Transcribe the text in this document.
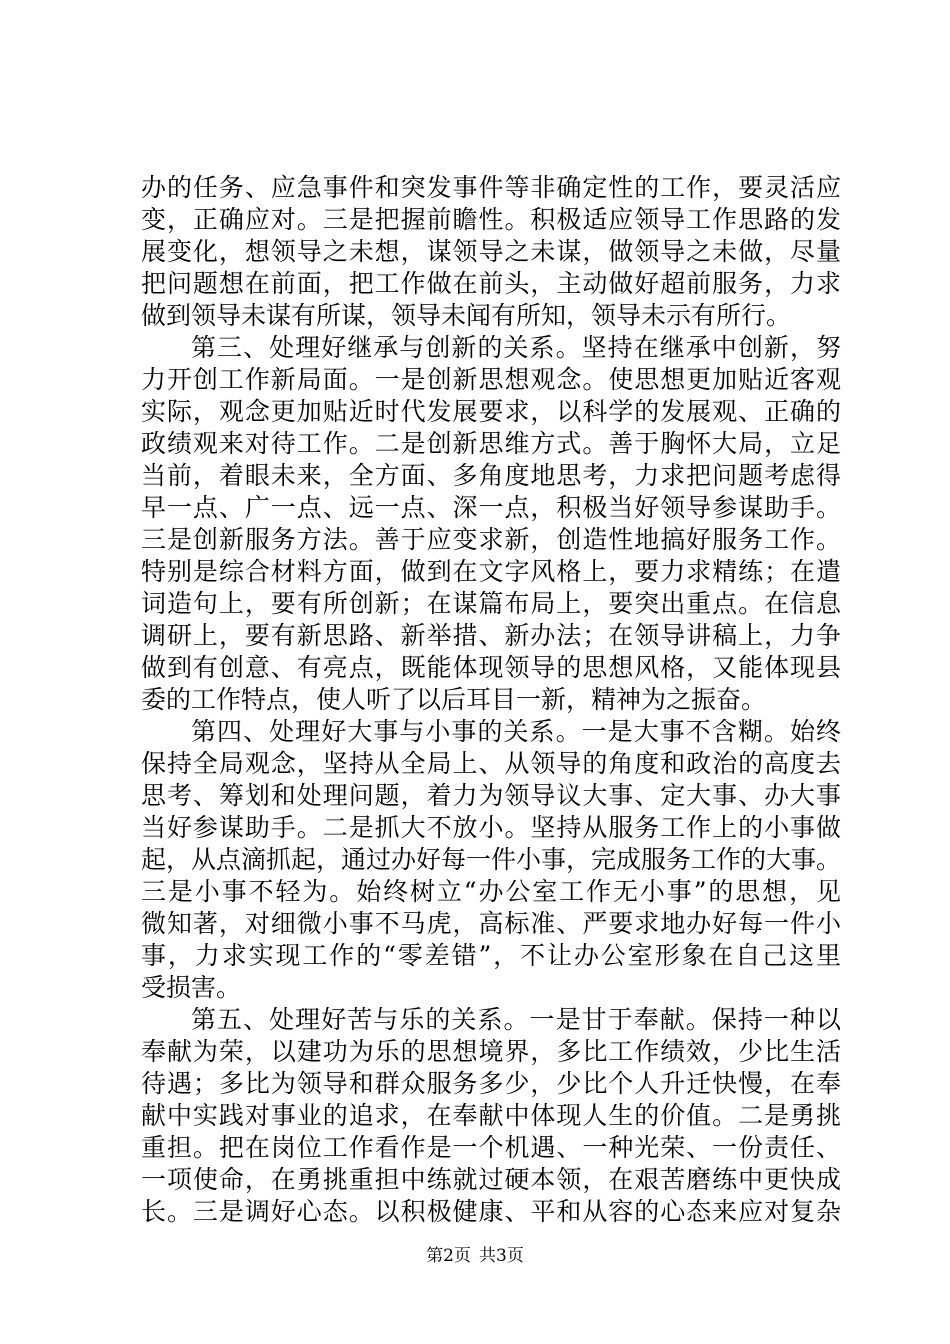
办的任务、应急事件和突发事件等非确定性的工作，要灵活应
变，正确应对。三是把握前瞻性。积极适应领导工作思路的发
展变化，想领导之未想，谋领导之未谋，做领导之未做，尽量
把问题想在前面，把工作做在前头，主动做好超前服务，力求
做到领导未谋有所谋，领导未闻有所知，领导未示有所行。
第三、处理好继承与创新的关系。坚持在继承中创新，努
力开创工作新局面。一是创新思想观念。使思想更加贴近客观
实际，观念更加贴近时代发展要求，以科学的发展观、正确的
政绩观来对待工作。二是创新思维方式。善于胸怀大局，立足
当前，着眼未来，全方面、多角度地思考，力求把问题考虑得
早一点、广一点、远一点、深一点，积极当好领导参谋助手。
三是创新服务方法。善于应变求新，创造性地搞好服务工作。
特别是综合材料方面，做到在文字风格上，要力求精练；在遣
词造句上，要有所创新；在谋篇布局上，要突出重点。在信息
调研上，要有新思路、新举措、新办法；在领导讲稿上，力争
做到有创意、有亮点，既能体现领导的思想风格，又能体现县
委的工作特点，使人听了以后耳目一新，精神为之振奋。
第四、处理好大事与小事的关系。一是大事不含糊。始终
保持全局观念，坚持从全局上、从领导的角度和政治的高度去
思考、筹划和处理问题，着力为领导议大事、定大事、办大事
当好参谋助手。二是抓大不放小。坚持从服务工作上的小事做
起，从点滴抓起，通过办好每一件小事，完成服务工作的大事。
三是小事不轻为。始终树立“办公室工作无小事”的思想，见
微知著，对细微小事不马虎，高标准、严要求地办好每一件小
事，力求实现工作的“零差错”，不让办公室形象在自己这里
受损害。
第五、处理好苦与乐的关系。一是甘于奉献。保持一种以
奉献为荣，以建功为乐的思想境界，多比工作绩效，少比生活
待遇；多比为领导和群众服务多少，少比个人升迁快慢，在奉
献中实践对事业的追求，在奉献中体现人生的价值。二是勇挑
重担。把在岗位工作看作是一个机遇、一种光荣、一份责任、
一项使命，在勇挑重担中练就过硬本领，在艰苦磨练中更快成
长。三是调好心态。以积极健康、平和从容的心态来应对复杂
第2页 共3页
